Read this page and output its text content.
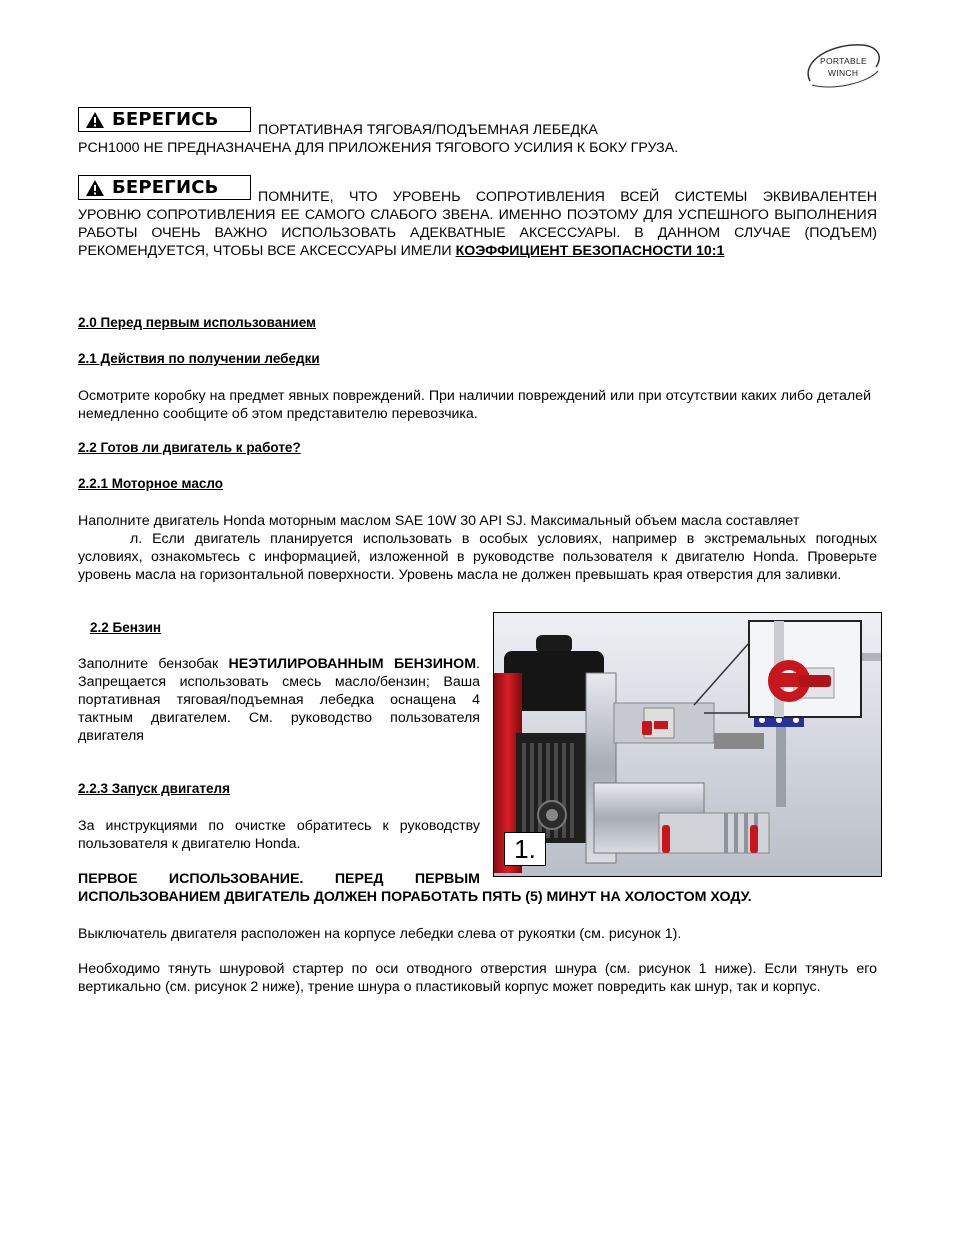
PORTABLE
WINCH
БЕРЕГИСЬ	ПОРТАТИВНАЯ ТЯГОВАЯ/ПОДЪЕМНАЯ ЛЕБЕДКА
PCH1000 НЕ ПРЕДНАЗНАЧЕНА ДЛЯ ПРИЛОЖЕНИЯ ТЯГОВОГО УСИЛИЯ К БОКУ ГРУЗА.
БЕРЕГИСЬ	ПОМНИТЕ, ЧТО УРОВЕНЬ СОПРОТИВЛЕНИЯ ВСЕЙ СИСТЕМЫ ЭКВИВАЛЕНТЕН
УРОВНЮ СОПРОТИВЛЕНИЯ ЕЕ САМОГО СЛАБОГО ЗВЕНА. ИМЕННО ПОЭТОМУ ДЛЯ УСПЕШНОГО ВЫПОЛНЕНИЯ РАБОТЫ ОЧЕНЬ ВАЖНО ИСПОЛЬЗОВАТЬ АДЕКВАТНЫЕ АКСЕССУАРЫ. В ДАННОМ СЛУЧАЕ (ПОДЪЕМ) РЕКОМЕНДУЕТСЯ, ЧТОБЫ ВСЕ АКСЕССУАРЫ ИМЕЛИ КОЭФФИЦИЕНТ БЕЗОПАСНОСТИ 10:1
2.0 Перед первым использованием
2.1 Действия по получении лебедки
Осмотрите коробку на предмет явных повреждений. При наличии повреждений или при отсутствии каких либо деталей немедленно сообщите об этом представителю перевозчика.
2.2 Готов ли двигатель к работе?
2.2.1 Моторное масло
Наполните двигатель Honda моторным маслом SAE 10W 30 API SJ. Максимальный объем масла составляет
л. Если двигатель планируется использовать в особых условиях, например в экстремальных погодных условиях, ознакомьтесь с информацией, изложенной в руководстве пользователя к двигателю Honda. Проверьте уровень масла на горизонтальной поверхности. Уровень масла не должен превышать края отверстия для заливки.
2.2 Бензин
Заполните бензобак НЕЭТИЛИРОВАННЫМ БЕНЗИНОМ. Запрещается использовать смесь масло/бензин; Ваша портативная тяговая/подъемная лебедка оснащена 4 тактным двигателем. См. руководство пользователя двигателя
2.2.3 Запуск двигателя
За инструкциями по очистке обратитесь к руководству пользователя к двигателю Honda.
ПЕРВОЕ ИСПОЛЬЗОВАНИЕ. ПЕРЕД ПЕРВЫМ
ИСПОЛЬЗОВАНИЕМ ДВИГАТЕЛЬ ДОЛЖЕН ПОРАБОТАТЬ ПЯТЬ (5) МИНУТ НА ХОЛОСТОМ ХОДУ.
1.
Выключатель двигателя расположен на корпусе лебедки слева от рукоятки (см. рисунок 1).
Необходимо тянуть шнуровой стартер по оси отводного отверстия шнура (см. рисунок 1 ниже). Если тянуть его вертикально (см. рисунок 2 ниже), трение шнура о пластиковый корпус может повредить как шнур, так и корпус.
